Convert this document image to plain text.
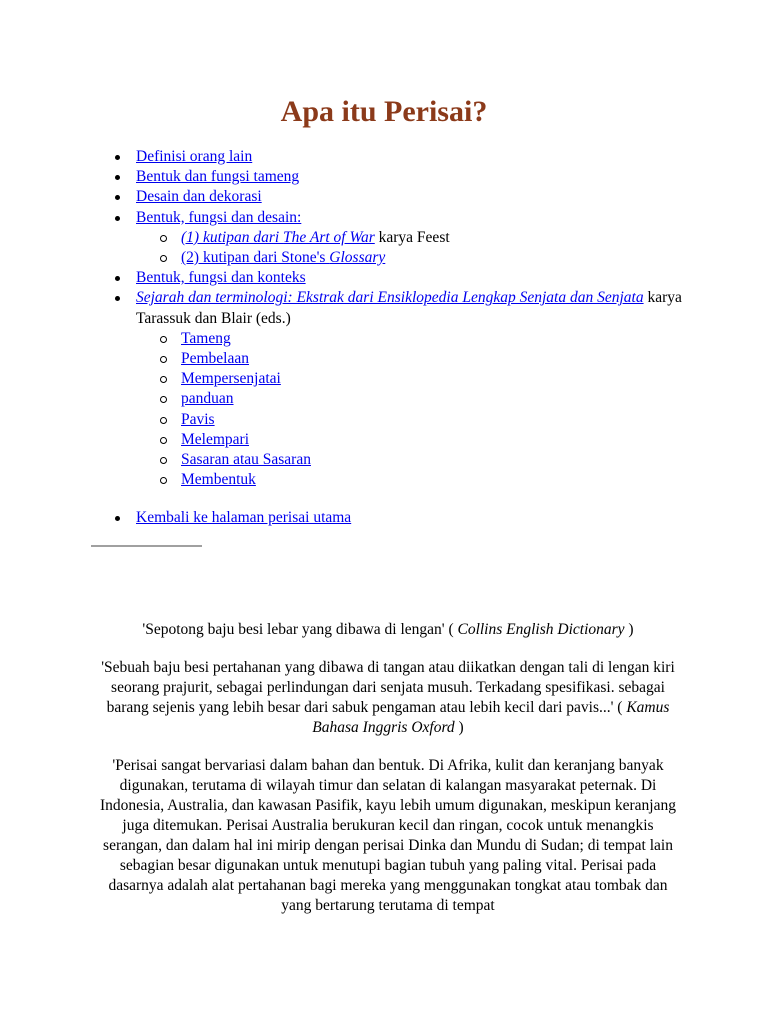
Apa itu Perisai?
Definisi orang lain
Bentuk dan fungsi tameng
Desain dan dekorasi
Bentuk, fungsi dan desain:
(1) kutipan dari The Art of War karya Feest
(2) kutipan dari Stone's Glossary
Bentuk, fungsi dan konteks
Sejarah dan terminologi: Ekstrak dari Ensiklopedia Lengkap Senjata dan Senjata karya Tarassuk dan Blair (eds.)
Tameng
Pembelaan
Mempersenjatai
panduan
Pavis
Melempari
Sasaran atau Sasaran
Membentuk
Kembali ke halaman perisai utama

'Sepotong baju besi lebar yang dibawa di lengan' ( Collins English Dictionary )

'Sebuah baju besi pertahanan yang dibawa di tangan atau diikatkan dengan tali di lengan kiri seorang prajurit, sebagai perlindungan dari senjata musuh. Terkadang spesifikasi. sebagai barang sejenis yang lebih besar dari sabuk pengaman atau lebih kecil dari pavis...' ( Kamus Bahasa Inggris Oxford )

'Perisai sangat bervariasi dalam bahan dan bentuk. Di Afrika, kulit dan keranjang banyak digunakan, terutama di wilayah timur dan selatan di kalangan masyarakat peternak. Di Indonesia, Australia, dan kawasan Pasifik, kayu lebih umum digunakan, meskipun keranjang juga ditemukan. Perisai Australia berukuran kecil dan ringan, cocok untuk menangkis serangan, dan dalam hal ini mirip dengan perisai Dinka dan Mundu di Sudan; di tempat lain sebagian besar digunakan untuk menutupi bagian tubuh yang paling vital. Perisai pada dasarnya adalah alat pertahanan bagi mereka yang menggunakan tongkat atau tombak dan yang bertarung terutama di tempat
